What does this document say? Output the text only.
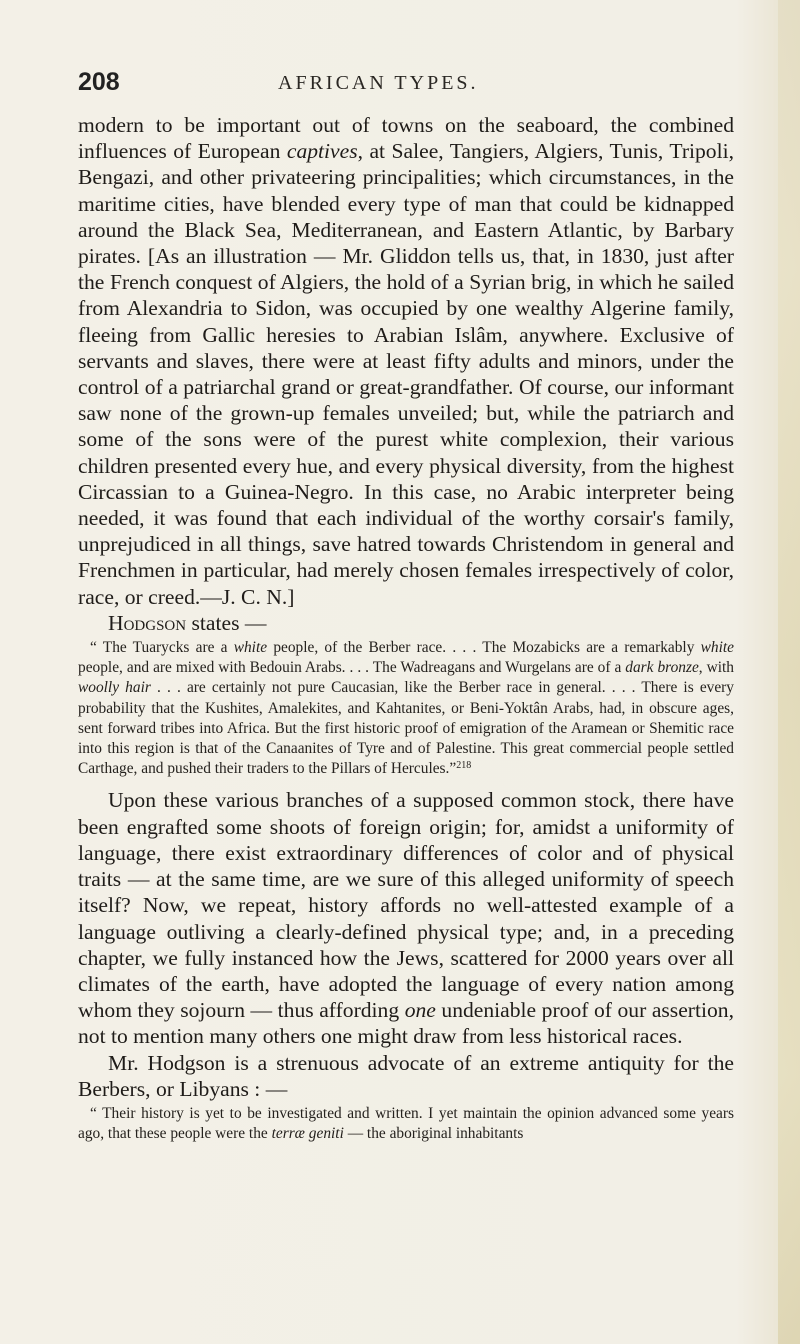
208	AFRICAN TYPES.

modern to be important out of towns on the seaboard, the combined influences of European captives, at Salee, Tangiers, Algiers, Tunis, Tripoli, Bengazi, and other privateering principalities; which circumstances, in the maritime cities, have blended every type of man that could be kidnapped around the Black Sea, Mediterranean, and Eastern Atlantic, by Barbary pirates. [As an illustration — Mr. Gliddon tells us, that, in 1830, just after the French conquest of Algiers, the hold of a Syrian brig, in which he sailed from Alexandria to Sidon, was occupied by one wealthy Algerine family, fleeing from Gallic heresies to Arabian Islâm, anywhere. Exclusive of servants and slaves, there were at least fifty adults and minors, under the control of a patriarchal grand or great-grandfather. Of course, our informant saw none of the grown-up females unveiled; but, while the patriarch and some of the sons were of the purest white complexion, their various children presented every hue, and every physical diversity, from the highest Circassian to a Guinea-Negro. In this case, no Arabic interpreter being needed, it was found that each individual of the worthy corsair's family, unprejudiced in all things, save hatred towards Christendom in general and Frenchmen in particular, had merely chosen females irrespectively of color, race, or creed.—J. C. N.]

Hodgson states —

“ The Tuarycks are a white people, of the Berber race. . . . The Mozabicks are a remarkably white people, and are mixed with Bedouin Arabs. . . . The Wadreagans and Wurgelans are of a dark bronze, with woolly hair . . . are certainly not pure Caucasian, like the Berber race in general. . . . There is every probability that the Kushites, Amalekites, and Kahtanites, or Beni-Yoktân Arabs, had, in obscure ages, sent forward tribes into Africa. But the first historic proof of emigration of the Aramean or Shemitic race into this region is that of the Canaanites of Tyre and of Palestine. This great commercial people settled Carthage, and pushed their traders to the Pillars of Hercules.”$^{218}$

Upon these various branches of a supposed common stock, there have been engrafted some shoots of foreign origin; for, amidst a uniformity of language, there exist extraordinary differences of color and of physical traits — at the same time, are we sure of this alleged uniformity of speech itself? Now, we repeat, history affords no well-attested example of a language outliving a clearly-defined physical type; and, in a preceding chapter, we fully instanced how the Jews, scattered for 2000 years over all climates of the earth, have adopted the language of every nation among whom they sojourn — thus affording one undeniable proof of our assertion, not to mention many others one might draw from less historical races.

Mr. Hodgson is a strenuous advocate of an extreme antiquity for the Berbers, or Libyans : —

“ Their history is yet to be investigated and written. I yet maintain the opinion advanced some years ago, that these people were the terræ geniti — the aboriginal inhabitants
